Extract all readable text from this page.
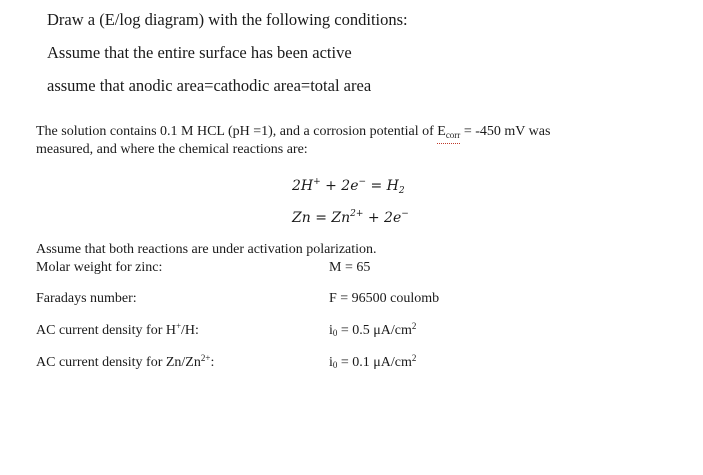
Draw a (E/log diagram) with the following conditions:
Assume that the entire surface has been active
assume that anodic area=cathodic area=total area
The solution contains 0.1 M HCL (pH =1), and a corrosion potential of $E_{corr}$
= -450 mV was
measured, and where the chemical reactions are:
$2H^+ + 2e^- = H_2$
$Zn = Zn^{2+} + 2e^-$
Assume that both reactions are under activation polarization.
Molar weight for zinc:	M = 65
Faradays number:	F = 96500 coulomb
AC current density for H+/H:	$i_0 = 0.5$ $\mu A/cm^2$
AC current density for $Zn/Zn^{2+}$:	$i_0 = 0.1$ $\mu A/cm^2$
